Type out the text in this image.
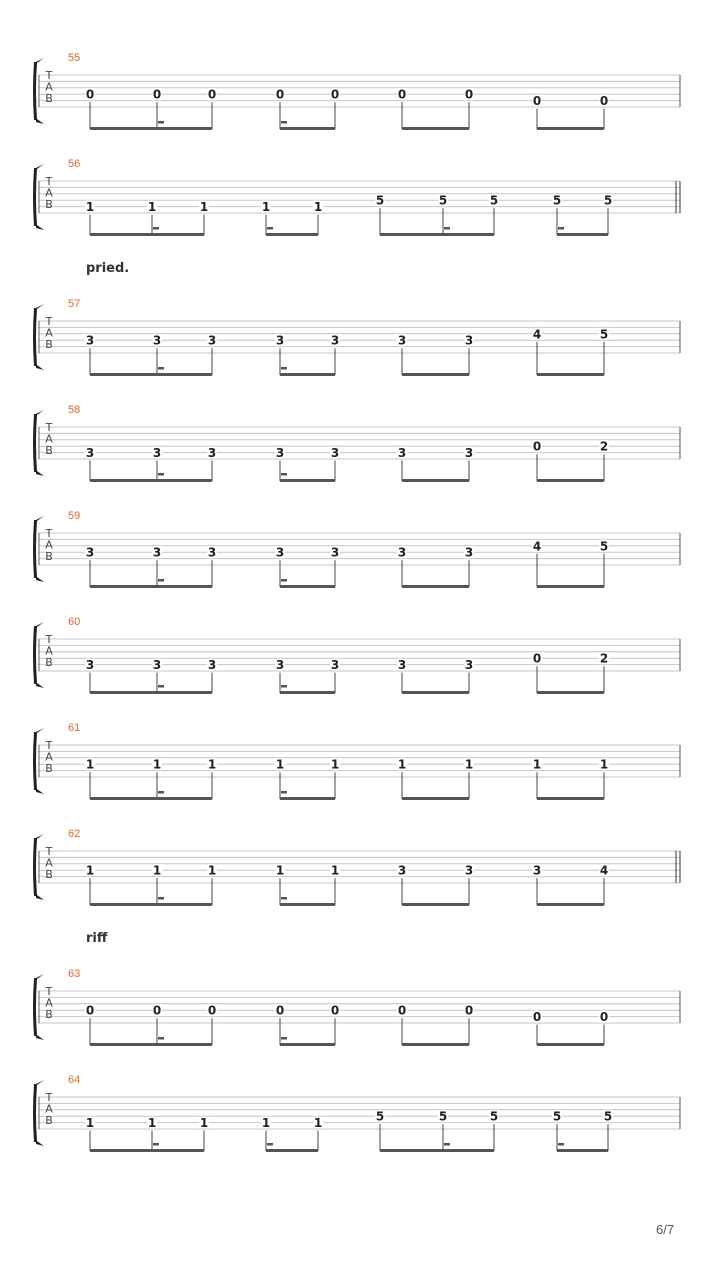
T
A
B	0	0	0	0	0	0	0	0	0
T
A
B	1	1	1	1	1	5	5	5	5	5
T
A
B	3	3	3	3	3	3	3	4	5
T
A
B	3	3	3	3	3	3	3	0	2
T
A
B	3	3	3	3	3	3	3	4	5
T
A
B	3	3	3	3	3	3	3	0	2
T
A
B	1	1	1	1	1	1	1	1	1
T
A
B	1	1	1	1	1	3	3	3	4
T
A
B	0	0	0	0	0	0	0	0	0
T
A
B	1	1	1	1	1	5	5	5	5	5
55
56
57
58
59
60
61
62
63
64
pried.
riff
6/7
